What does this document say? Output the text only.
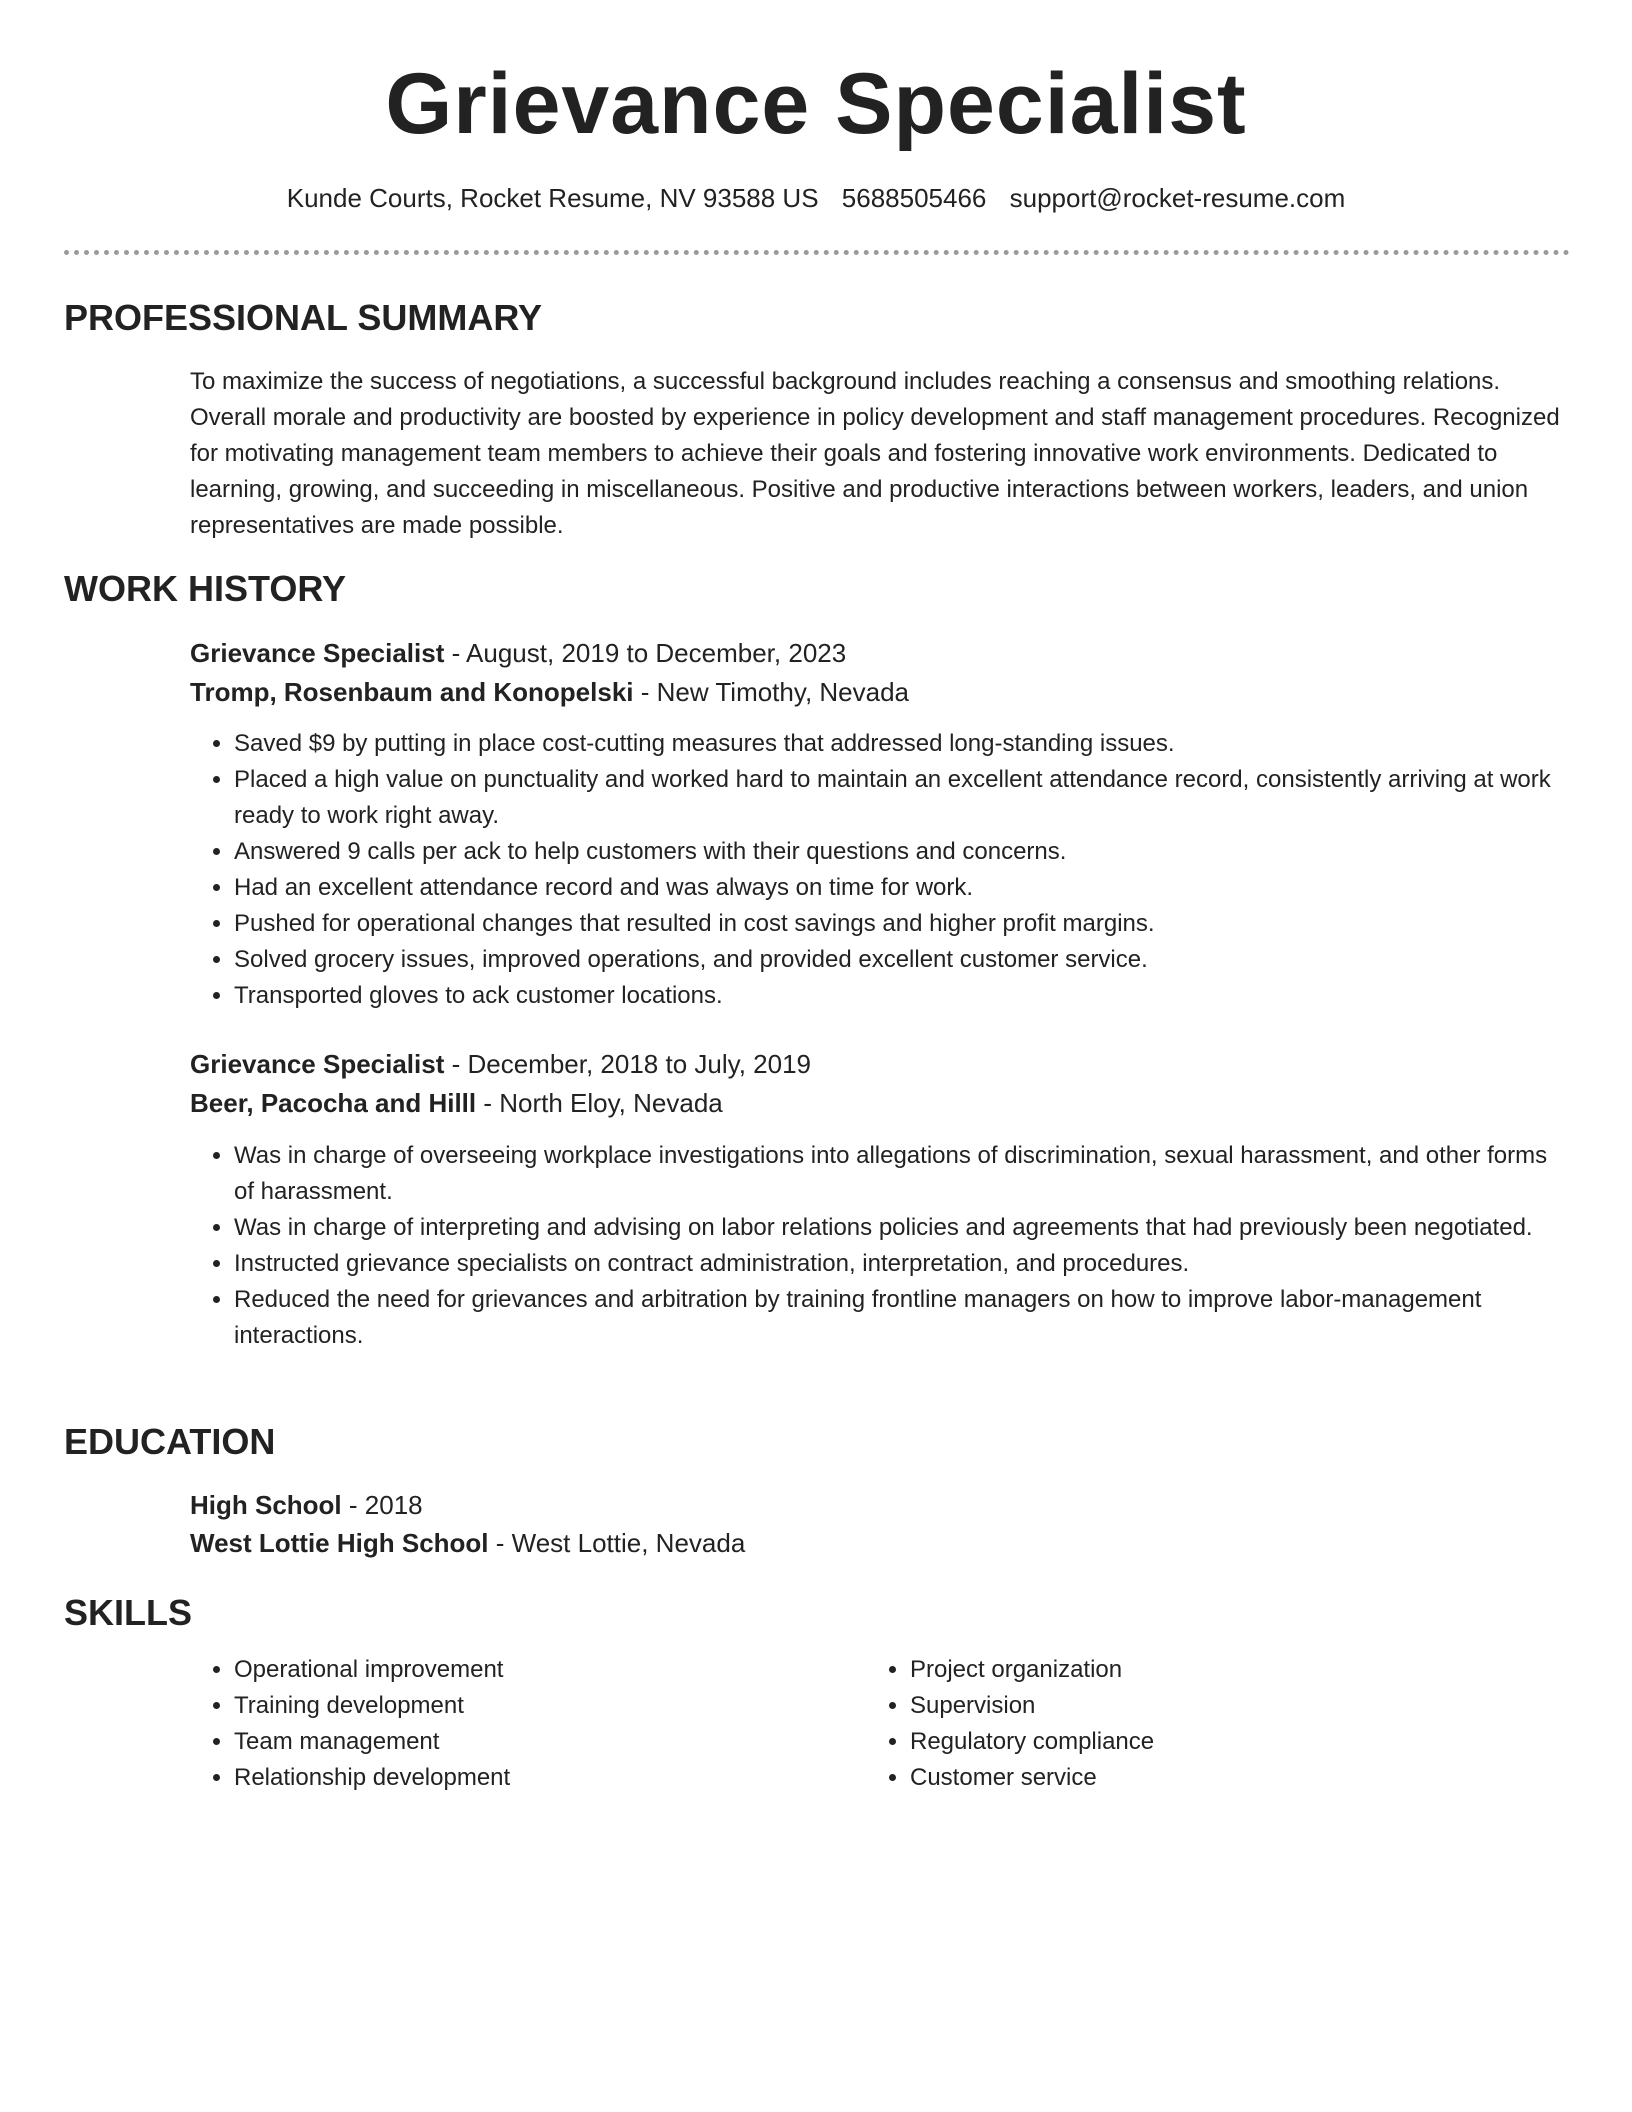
Grievance Specialist
Kunde Courts, Rocket Resume, NV 93588 US 5688505466 support@rocket-resume.com
PROFESSIONAL SUMMARY

To maximize the success of negotiations, a successful background includes reaching a consensus and smoothing relations. Overall morale and productivity are boosted by experience in policy development and staff management procedures. Recognized for motivating management team members to achieve their goals and fostering innovative work environments. Dedicated to learning, growing, and succeeding in miscellaneous. Positive and productive interactions between workers, leaders, and union representatives are made possible.

WORK HISTORY

Grievance Specialist - August, 2019 to December, 2023

Tromp, Rosenbaum and Konopelski - New Timothy, Nevada

• Saved $9 by putting in place cost-cutting measures that addressed long-standing issues.
• Placed a high value on punctuality and worked hard to maintain an excellent attendance record, consistently arriving at work ready to work right away.
• Answered 9 calls per ack to help customers with their questions and concerns.
• Had an excellent attendance record and was always on time for work.
• Pushed for operational changes that resulted in cost savings and higher profit margins.
• Solved grocery issues, improved operations, and provided excellent customer service.
• Transported gloves to ack customer locations.

Grievance Specialist - December, 2018 to July, 2019

Beer, Pacocha and Hilll - North Eloy, Nevada

• Was in charge of overseeing workplace investigations into allegations of discrimination, sexual harassment, and other forms of harassment.
• Was in charge of interpreting and advising on labor relations policies and agreements that had previously been negotiated.
• Instructed grievance specialists on contract administration, interpretation, and procedures.
• Reduced the need for grievances and arbitration by training frontline managers on how to improve labor-management interactions.
EDUCATION

High School - 2018

West Lottie High School - West Lottie, Nevada

SKILLS
• Operational improvement
• Training development
• Team management
• Relationship development
• Project organization
• Supervision
• Regulatory compliance
• Customer service
